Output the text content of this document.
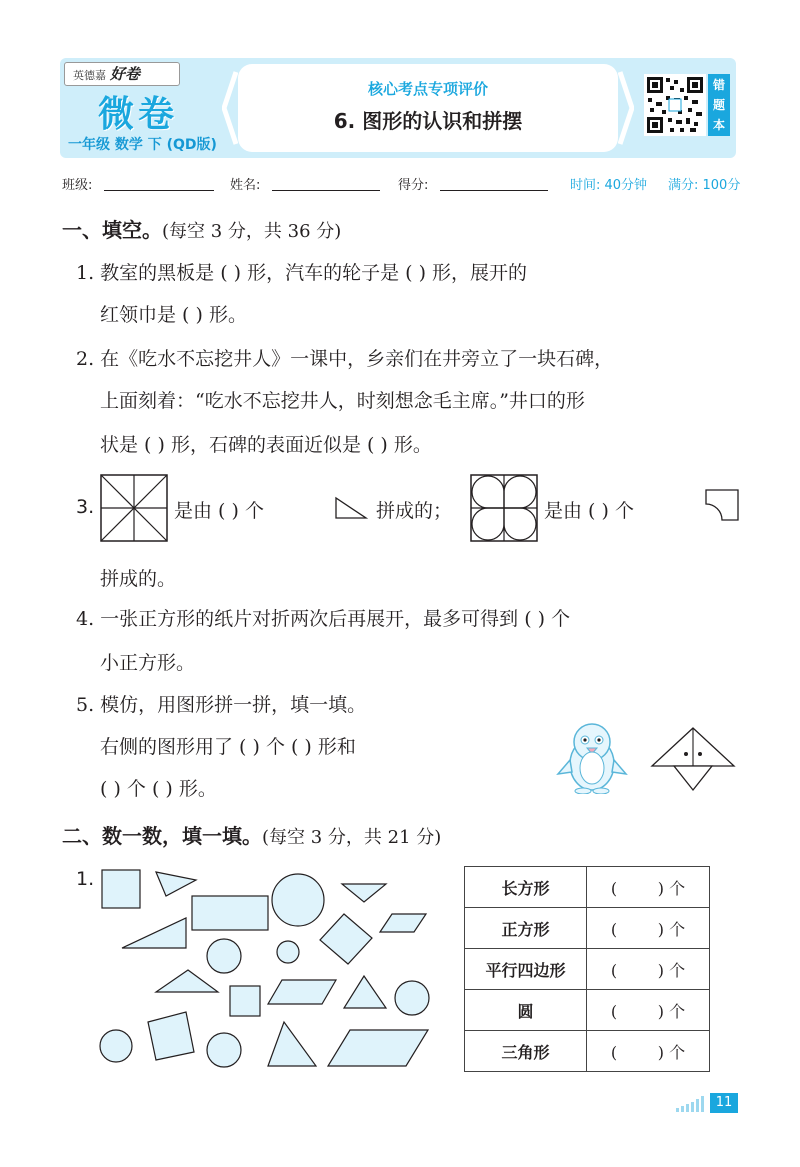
英德嘉 好卷
微卷
一年级 数学 下 (QD版)
核心考点专项评价
6. 图形的认识和拼摆
错题本
班级:	姓名:	得分:	时间: 40分钟 满分: 100分
一、填空。(每空 3 分，共 36 分)
1. 教室的黑板是 ( ) 形，汽车的轮子是 ( ) 形，展开的
红领巾是 ( ) 形。
2. 在《吃水不忘挖井人》一课中，乡亲们在井旁立了一块石碑，
上面刻着：“吃水不忘挖井人，时刻想念毛主席。”井口的形
状是 ( ) 形，石碑的表面近似是 ( ) 形。
3.	是由 ( ) 个	拼成的；	是由 ( ) 个
拼成的。
4. 一张正方形的纸片对折两次后再展开，最多可得到 ( ) 个
小正方形。
5. 模仿，用图形拼一拼，填一填。
右侧的图形用了 ( ) 个 ( ) 形和
( ) 个 ( ) 形。
二、数一数，填一填。(每空 3 分，共 21 分)
1.	长方形	(        ) 个
正方形	(        ) 个
平行四边形	(        ) 个
圆	(        ) 个
三角形	(        ) 个
11
